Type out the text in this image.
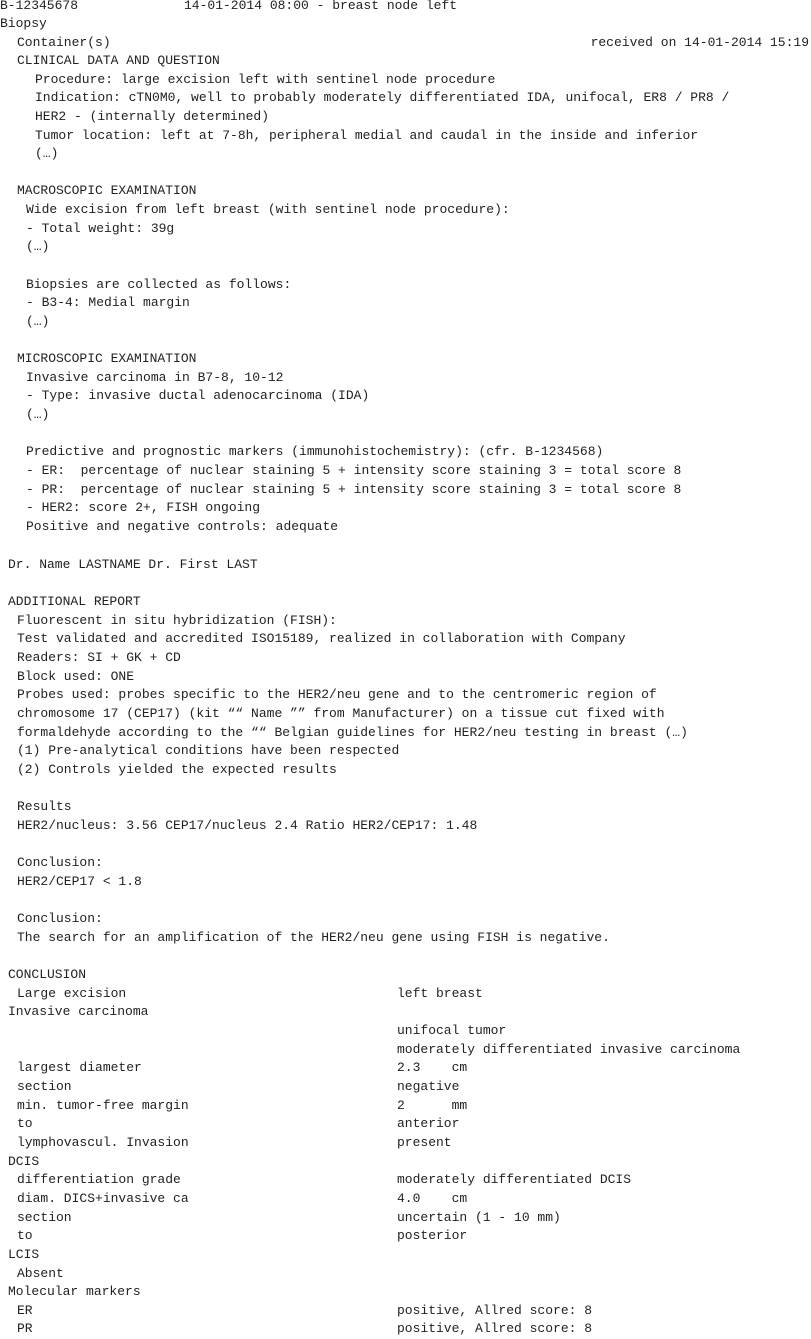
B-12345678

	14-01-2014 08:00 - breast node left

Biopsy

Container(s)

	received on 14-01-2014 15:19

CLINICAL DATA AND QUESTION

Procedure: large excision left with sentinel node procedure
Indication: cTN0M0, well to probably moderately differentiated IDA, unifocal, ER8 / PR8 /
HER2 - (internally determined)
Tumor location: left at 7-8h, peripheral medial and caudal in the inside and inferior
(…)
MACROSCOPIC EXAMINATION
Wide excision from left breast (with sentinel node procedure):
- Total weight: 39g
(…)
Biopsies are collected as follows:
- B3-4: Medial margin
(…)
MICROSCOPIC EXAMINATION
Invasive carcinoma in B7-8, 10-12
- Type: invasive ductal adenocarcinoma (IDA)
(…)
Predictive and prognostic markers (immunohistochemistry): (cfr. B-1234568)
- ER:  percentage of nuclear staining 5 + intensity score staining 3 = total score 8
- PR:  percentage of nuclear staining 5 + intensity score staining 3 = total score 8
- HER2: score 2+, FISH ongoing
Positive and negative controls: adequate
Dr. Name LASTNAME Dr. First LAST
ADDITIONAL REPORT
Fluorescent in situ hybridization (FISH):
Test validated and accredited ISO15189, realized in collaboration with Company
Readers: SI + GK + CD
Block used: ONE
Probes used: probes specific to the HER2/neu gene and to the centromeric region of
chromosome 17 (CEP17) (kit ““ Name ”” from Manufacturer) on a tissue cut fixed with
formaldehyde according to the ““ Belgian guidelines for HER2/neu testing in breast (…)
(1) Pre-analytical conditions have been respected
(2) Controls yielded the expected results
Results
HER2/nucleus: 3.56 CEP17/nucleus 2.4 Ratio HER2/CEP17: 1.48
Conclusion:
HER2/CEP17 < 1.8
Conclusion:
The search for an amplification of the HER2/neu gene using FISH is negative.
CONCLUSION
Large excision	left breast
Invasive carcinoma
unifocal tumor
moderately differentiated invasive carcinoma
largest diameter	2.3    cm
section	negative
min. tumor-free margin	2      mm
to	anterior
lymphovascul. Invasion	present
DCIS
differentiation grade	moderately differentiated DCIS
diam. DICS+invasive ca	4.0    cm
section	uncertain (1 - 10 mm)
to	posterior
LCIS
Absent
Molecular markers
ER	positive, Allred score: 8
PR	positive, Allred score: 8
